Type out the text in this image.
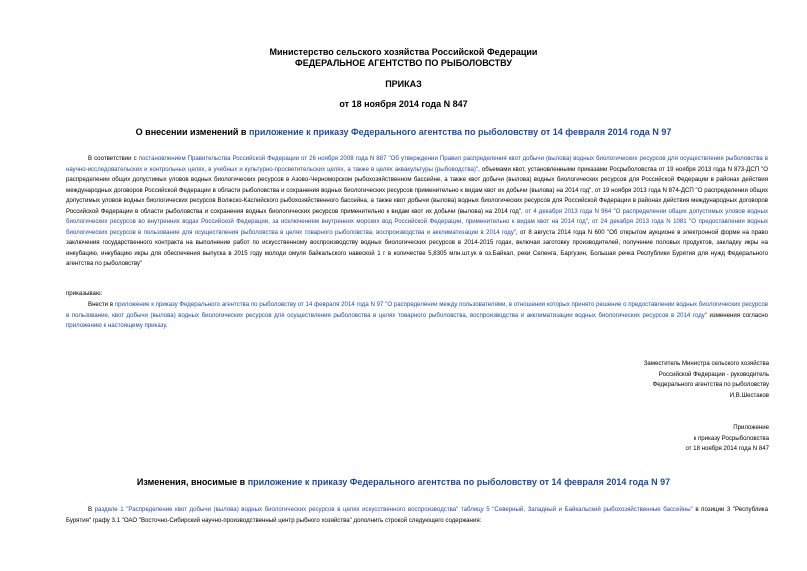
Министерство сельского хозяйства Российской Федерации
ФЕДЕРАЛЬНОЕ АГЕНТСТВО ПО РЫБОЛОВСТВУ
ПРИКАЗ
от 18 ноября 2014 года N 847
О внесении изменений в приложение к приказу Федерального агентства по рыболовству от 14 февраля 2014 года N 97
В соответствии с постановлением Правительства Российской Федерации от 26 ноября 2008 года N 887 "Об утверждении Правил распределения квот добычи (вылова) водных биологических ресурсов для осуществления рыболовства в научно-исследовательских и контрольных целях, в учебных и культурно-просветительских целях, а также в целях аквакультуры (рыбоводства)", объемами квот, установленными приказами Росрыболовства от 19 ноября 2013 года N 873-ДСП "О распределении общих допустимых уловов водных биологических ресурсов в Азово-Черноморском рыбохозяйственном бассейне, а также квот добычи (вылова) водных биологических ресурсов для Российской Федерации в районах действия международных договоров Российской Федерации в области рыболовства и сохранения водных биологических ресурсов применительно к видам квот их добычи (вылова) на 2014 год", от 19 ноября 2013 года N 874-ДСП "О распределении общих допустимых уловов водных биологических ресурсов Волжско-Каспийского рыбохозяйственного бассейна, а также квот добычи (вылова) водных биологических ресурсов для Российской Федерации в районах действия международных договоров Российской Федерации в области рыболовства и сохранения водных биологических ресурсов применительно к видам квот их добычи (вылова) на 2014 год", от 4 декабря 2013 года N 964 "О распределении общих допустимых уловов водных биологических ресурсов во внутренних водах Российской Федерации, за исключением внутренних морских вод Российской Федерации, применительно к видам квот на 2014 год", от 24 декабря 2013 года N 1081 "О предоставлении водных биологических ресурсов в пользование для осуществления рыболовства в целях товарного рыболовства, воспроизводства и акклиматизации в 2014 году", от 8 августа 2014 года N 600 "Об открытом аукционе в электронной форме на право заключения государственного контракта на выполнение работ по искусственному воспроизводству водных биологических ресурсов в 2014-2015 годах, включая заготовку производителей, получение половых продуктов, закладку икры на инкубацию, инкубацию икры для обеспечения выпуска в 2015 году молоди омуля байкальского навеской 1 г в количестве 5,8305 млн.шт.ук в оз.Байкал, реки Селенга, Баргузин, Большая речка Республики Бурятия для нужд Федерального агентства по рыболовству"
приказываю:
Внести в приложение к приказу Федерального агентства по рыболовству от 14 февраля 2014 года N 97 "О распределении между пользователями, в отношении которых принято решение о предоставлении водных биологических ресурсов в пользование, квот добычи (вылова) водных биологических ресурсов для осуществления рыболовства в целях товарного рыболовства, воспроизводства и акклиматизации водных биологических ресурсов в 2014 году" изменения согласно приложению к настоящему приказу.
Заместитель Министра сельского хозяйства
Российской Федерации - руководитель
Федерального агентства по рыболовству
И.В.Шестаков
Приложение
к приказу Росрыболовства
от 18 ноября 2014 года N 847
Изменения, вносимые в приложение к приказу Федерального агентства по рыболовству от 14 февраля 2014 года N 97
В разделе 1 "Распределение квот добычи (вылова) водных биологических ресурсов в целях искусственного воспроизводства" таблицу 5 "Северный, Западный и Байкальский рыбохозяйственные бассейны" в позиции 3 "Республика Бурятия" графу 3.1 "ОАО "Восточно-Сибирский научно-производственный центр рыбного хозяйства" дополнить строкой следующего содержания:
